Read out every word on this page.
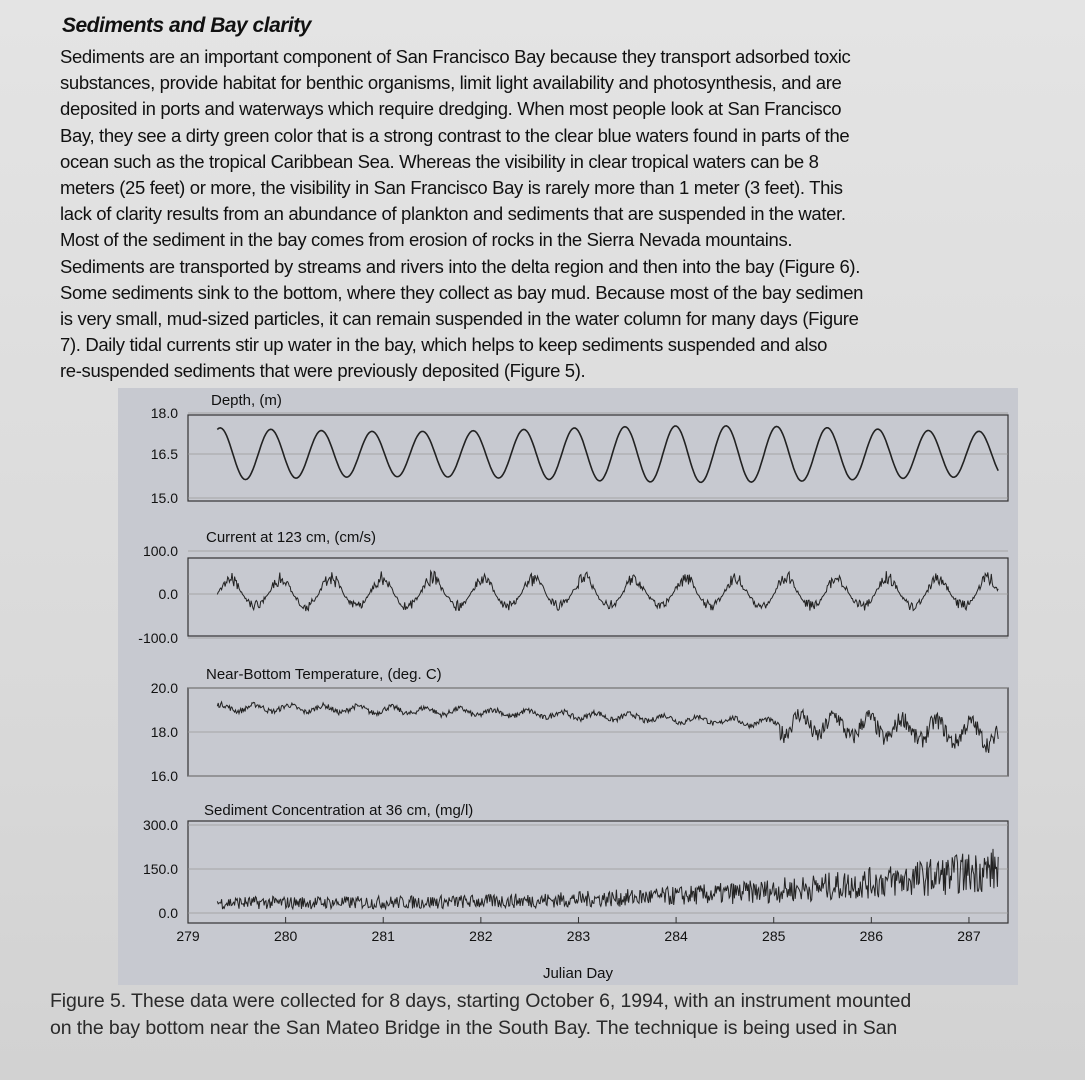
Sediments and Bay clarity
Sediments are an important component of San Francisco Bay because they transport adsorbed toxic
substances, provide habitat for benthic organisms, limit light availability and photosynthesis, and are
deposited in ports and waterways which require dredging. When most people look at San Francisco
Bay, they see a dirty green color that is a strong contrast to the clear blue waters found in parts of the
ocean such as the tropical Caribbean Sea. Whereas the visibility in clear tropical waters can be 8
meters (25 feet) or more, the visibility in San Francisco Bay is rarely more than 1 meter (3 feet). This
lack of clarity results from an abundance of plankton and sediments that are suspended in the water.
Most of the sediment in the bay comes from erosion of rocks in the Sierra Nevada mountains.
Sediments are transported by streams and rivers into the delta region and then into the bay (Figure 6).
Some sediments sink to the bottom, where they collect as bay mud. Because most of the bay sedimen
is very small, mud-sized particles, it can remain suspended in the water column for many days (Figure
7). Daily tidal currents stir up water in the bay, which helps to keep sediments suspended and also
re-suspended sediments that were previously deposited (Figure 5).
Depth, (m)
18.0
16.5
15.0
Current at 123 cm, (cm/s)
100.0
0.0
-100.0
Near-Bottom Temperature, (deg. C)
20.0
18.0
16.0
Sediment Concentration at 36 cm, (mg/l)
300.0
150.0
0.0
279	280	281	282	283	284	285	286	287
Julian Day
Figure 5. These data were collected for 8 days, starting October 6, 1994, with an instrument mounted
on the bay bottom near the San Mateo Bridge in the South Bay. The technique is being used in San
